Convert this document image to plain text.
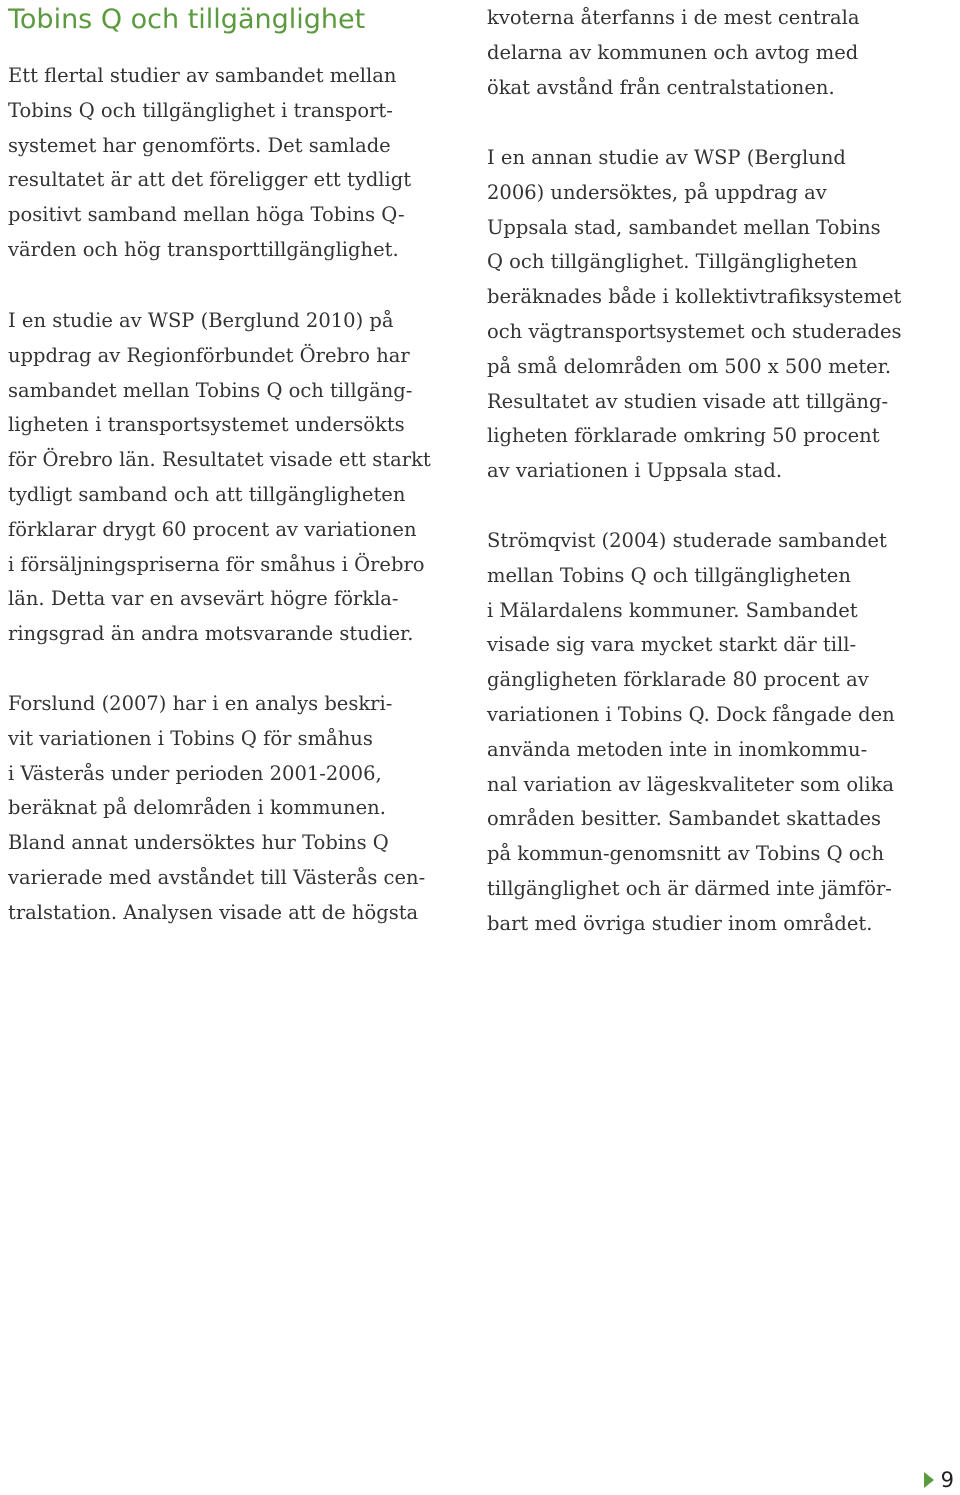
Tobins Q och tillgänglighet

Ett flertal studier av sambandet mellan
Tobins Q och tillgänglighet i transport-
systemet har genomförts. Det samlade
resultatet är att det föreligger ett tydligt
positivt samband mellan höga Tobins Q-
värden och hög transporttillgänglighet.

I en studie av WSP (Berglund 2010) på
uppdrag av Regionförbundet Örebro har
sambandet mellan Tobins Q och tillgäng-
ligheten i transportsystemet undersökts
för Örebro län. Resultatet visade ett starkt
tydligt samband och att tillgängligheten
förklarar drygt 60 procent av variationen
i försäljningspriserna för småhus i Örebro
län. Detta var en avsevärt högre förkla-
ringsgrad än andra motsvarande studier.

Forslund (2007) har i en analys beskri-
vit variationen i Tobins Q för småhus
i Västerås under perioden 2001-2006,
beräknat på delområden i kommunen.
Bland annat undersöktes hur Tobins Q
varierade med avståndet till Västerås cen-
tralstation. Analysen visade att de högsta

kvoterna återfanns i de mest centrala
delarna av kommunen och avtog med
ökat avstånd från centralstationen.

I en annan studie av WSP (Berglund
2006) undersöktes, på uppdrag av
Uppsala stad, sambandet mellan Tobins
Q och tillgänglighet. Tillgängligheten
beräknades både i kollektivtrafiksystemet
och vägtransportsystemet och studerades
på små delområden om 500 x 500 meter.
Resultatet av studien visade att tillgäng-
ligheten förklarade omkring 50 procent
av variationen i Uppsala stad.

Strömqvist (2004) studerade sambandet
mellan Tobins Q och tillgängligheten
i Mälardalens kommuner. Sambandet
visade sig vara mycket starkt där till-
gängligheten förklarade 80 procent av
variationen i Tobins Q. Dock fångade den
använda metoden inte in inomkommu-
nal variation av lägeskvaliteter som olika
områden besitter. Sambandet skattades
på kommun-genomsnitt av Tobins Q och
tillgänglighet och är därmed inte jämför-
bart med övriga studier inom området.

9
